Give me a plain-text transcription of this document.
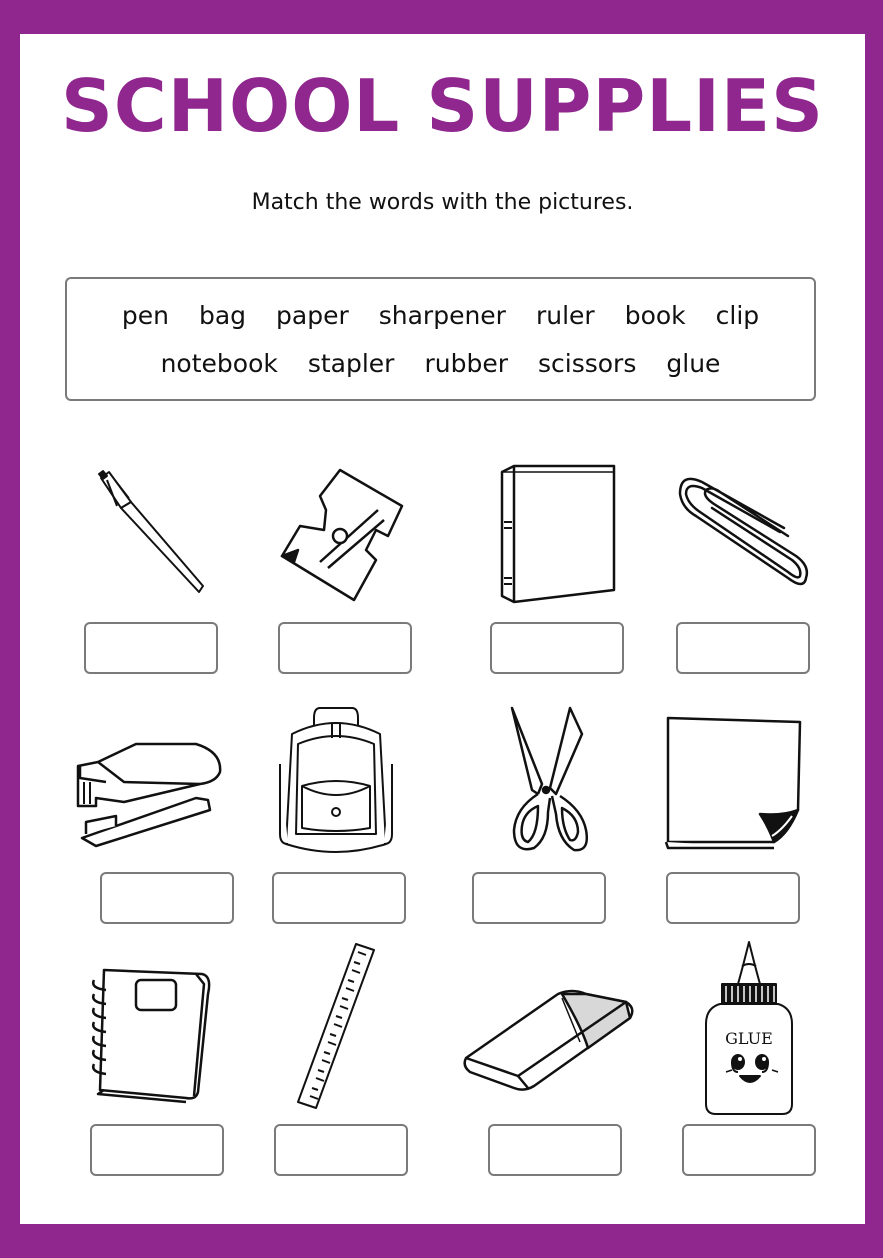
SCHOOL SUPPLIES
Match the words with the pictures.
pen bag paper sharpener ruler book clip
notebook stapler rubber scissors glue
GLUE
